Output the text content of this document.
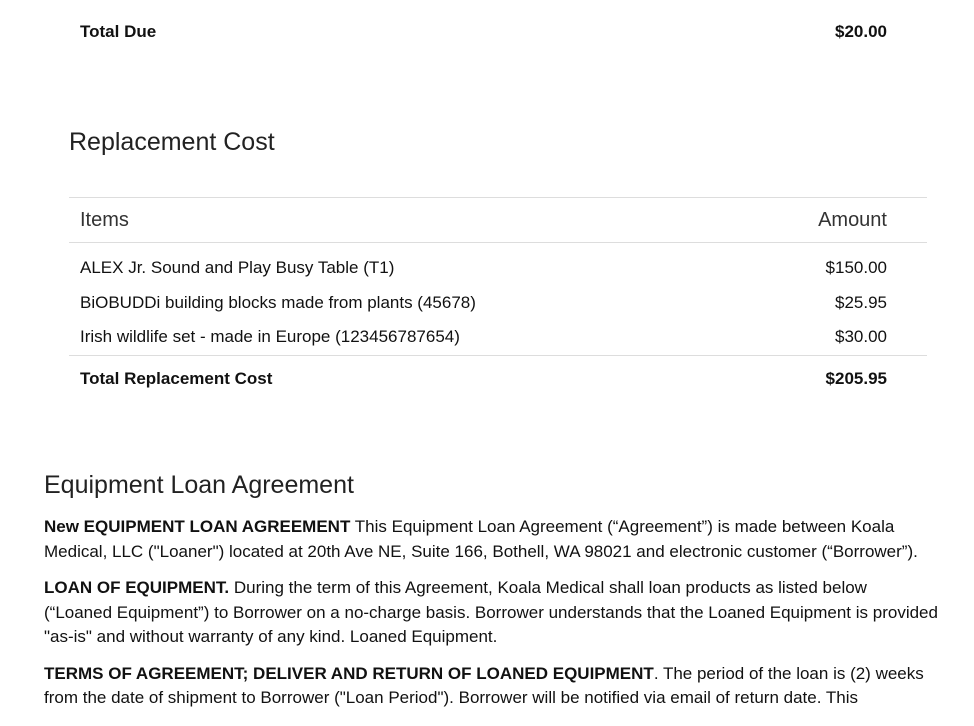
Total Due	$20.00
Replacement Cost
Items	Amount
ALEX Jr. Sound and Play Busy Table (T1)	$150.00
BiOBUDDi building blocks made from plants (45678)	$25.95
Irish wildlife set - made in Europe (123456787654)	$30.00
Total Replacement Cost	$205.95
Equipment Loan Agreement

New EQUIPMENT LOAN AGREEMENT This Equipment Loan Agreement (“Agreement”) is made between Koala Medical, LLC ("Loaner") located at 20th Ave NE, Suite 166, Bothell, WA 98021 and electronic customer (“Borrower”).

LOAN OF EQUIPMENT. During the term of this Agreement, Koala Medical shall loan products as listed below (“Loaned Equipment”) to Borrower on a no-charge basis. Borrower understands that the Loaned Equipment is provided "as-is" and without warranty of any kind. Loaned Equipment.

TERMS OF AGREEMENT; DELIVER AND RETURN OF LOANED EQUIPMENT. The period of the loan is (2) weeks from the date of shipment to Borrower ("Loan Period"). Borrower will be notified via email of return date. This
